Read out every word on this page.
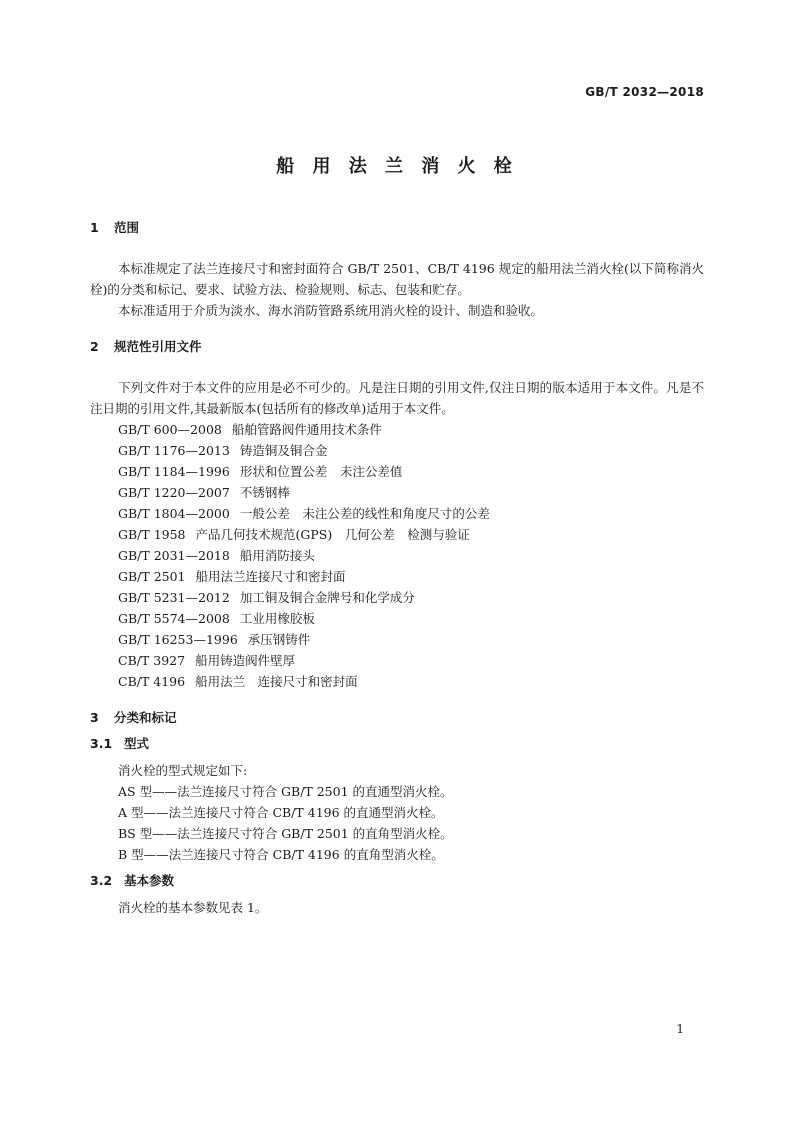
GB/T 2032—2018
船 用 法 兰 消 火 栓
1 范围

本标准规定了法兰连接尺寸和密封面符合 GB/T 2501、CB/T 4196 规定的船用法兰消火栓(以下简称消火栓)的分类和标记、要求、试验方法、检验规则、标志、包装和贮存。

本标准适用于介质为淡水、海水消防管路系统用消火栓的设计、制造和验收。

2 规范性引用文件

下列文件对于本文件的应用是必不可少的。凡是注日期的引用文件,仅注日期的版本适用于本文件。凡是不注日期的引用文件,其最新版本(包括所有的修改单)适用于本文件。

GB/T 600—2008 船舶管路阀件通用技术条件
GB/T 1176—2013 铸造铜及铜合金
GB/T 1184—1996 形状和位置公差　未注公差值
GB/T 1220—2007 不锈钢棒
GB/T 1804—2000 一般公差　未注公差的线性和角度尺寸的公差
GB/T 1958 产品几何技术规范(GPS)　几何公差　检测与验证
GB/T 2031—2018 船用消防接头
GB/T 2501 船用法兰连接尺寸和密封面
GB/T 5231—2012 加工铜及铜合金牌号和化学成分
GB/T 5574—2008 工业用橡胶板
GB/T 16253—1996 承压钢铸件
CB/T 3927 船用铸造阀件壁厚
CB/T 4196 船用法兰　连接尺寸和密封面
3 分类和标记
3.1 型式

消火栓的型式规定如下:

AS 型——法兰连接尺寸符合 GB/T 2501 的直通型消火栓。
A 型——法兰连接尺寸符合 CB/T 4196 的直通型消火栓。
BS 型——法兰连接尺寸符合 GB/T 2501 的直角型消火栓。
B 型——法兰连接尺寸符合 CB/T 4196 的直角型消火栓。
3.2 基本参数

消火栓的基本参数见表 1。

1
